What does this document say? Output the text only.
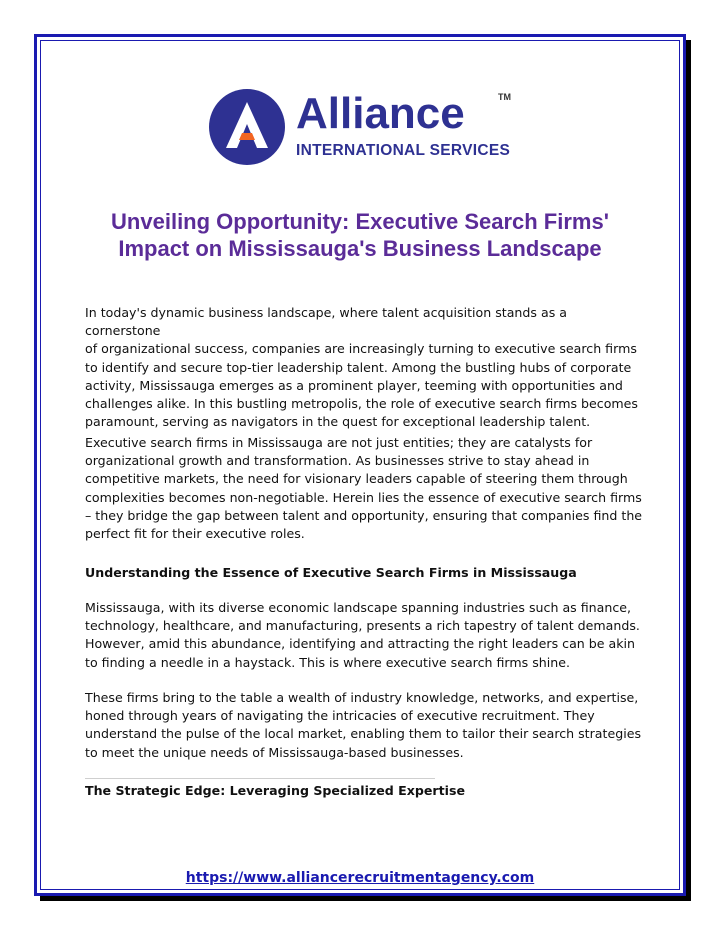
Alliance	TM
INTERNATIONAL SERVICES
Unveiling Opportunity: Executive Search Firms'
Impact on Mississauga's Business Landscape

In today's dynamic business landscape, where talent acquisition stands as a cornerstone
of organizational success, companies are increasingly turning to executive search firms
to identify and secure top-tier leadership talent. Among the bustling hubs of corporate
activity, Mississauga emerges as a prominent player, teeming with opportunities and
challenges alike. In this bustling metropolis, the role of executive search firms becomes
paramount, serving as navigators in the quest for exceptional leadership talent.

Executive search firms in Mississauga are not just entities; they are catalysts for
organizational growth and transformation. As businesses strive to stay ahead in
competitive markets, the need for visionary leaders capable of steering them through
complexities becomes non-negotiable. Herein lies the essence of executive search firms
– they bridge the gap between talent and opportunity, ensuring that companies find the
perfect fit for their executive roles.

Understanding the Essence of Executive Search Firms in Mississauga

Mississauga, with its diverse economic landscape spanning industries such as finance,
technology, healthcare, and manufacturing, presents a rich tapestry of talent demands.
However, amid this abundance, identifying and attracting the right leaders can be akin
to finding a needle in a haystack. This is where executive search firms shine.

These firms bring to the table a wealth of industry knowledge, networks, and expertise,
honed through years of navigating the intricacies of executive recruitment. They
understand the pulse of the local market, enabling them to tailor their search strategies
to meet the unique needs of Mississauga-based businesses.

The Strategic Edge: Leveraging Specialized Expertise
https://www.alliancerecruitmentagency.com
